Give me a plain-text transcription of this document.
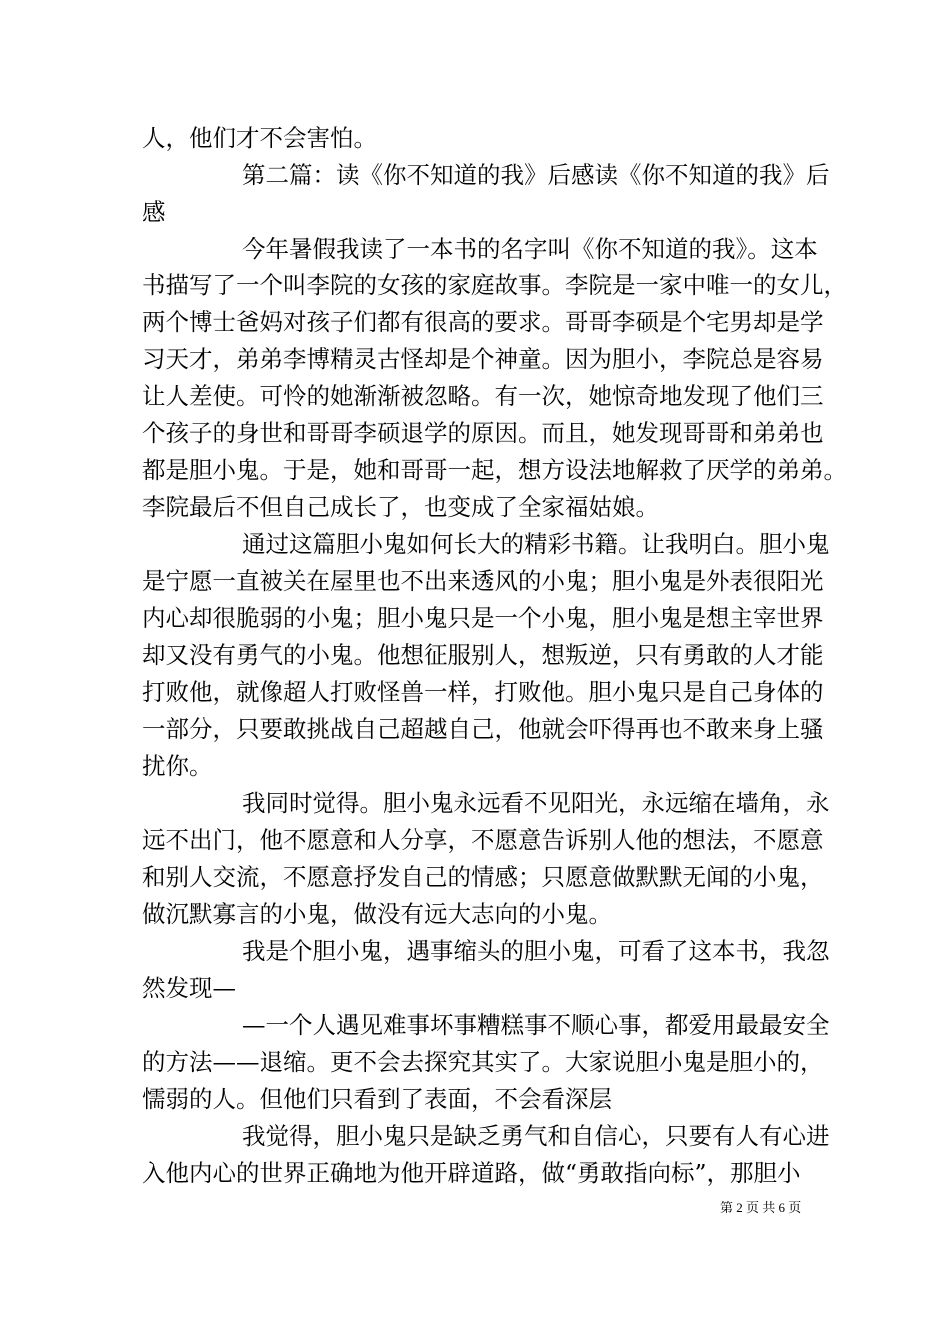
人，他们才不会害怕。
第二篇：读《你不知道的我》后感读《你不知道的我》后
感
今年暑假我读了一本书的名字叫《你不知道的我》。这本
书描写了一个叫李院的女孩的家庭故事。李院是一家中唯一的女儿，
两个博士爸妈对孩子们都有很高的要求。哥哥李硕是个宅男却是学
习天才，弟弟李博精灵古怪却是个神童。因为胆小，李院总是容易
让人差使。可怜的她渐渐被忽略。有一次，她惊奇地发现了他们三
个孩子的身世和哥哥李硕退学的原因。而且，她发现哥哥和弟弟也
都是胆小鬼。于是，她和哥哥一起，想方设法地解救了厌学的弟弟。
李院最后不但自己成长了，也变成了全家福姑娘。
通过这篇胆小鬼如何长大的精彩书籍。让我明白。胆小鬼
是宁愿一直被关在屋里也不出来透风的小鬼；胆小鬼是外表很阳光
内心却很脆弱的小鬼；胆小鬼只是一个小鬼，胆小鬼是想主宰世界
却又没有勇气的小鬼。他想征服别人，想叛逆，只有勇敢的人才能
打败他，就像超人打败怪兽一样，打败他。胆小鬼只是自己身体的
一部分，只要敢挑战自己超越自己，他就会吓得再也不敢来身上骚
扰你。
我同时觉得。胆小鬼永远看不见阳光，永远缩在墙角，永
远不出门，他不愿意和人分享，不愿意告诉别人他的想法，不愿意
和别人交流，不愿意抒发自己的情感；只愿意做默默无闻的小鬼，
做沉默寡言的小鬼，做没有远大志向的小鬼。
我是个胆小鬼，遇事缩头的胆小鬼，可看了这本书，我忽
然发现—
—一个人遇见难事坏事糟糕事不顺心事，都爱用最最安全
的方法——退缩。更不会去探究其实了。大家说胆小鬼是胆小的，
懦弱的人。但他们只看到了表面，不会看深层
我觉得，胆小鬼只是缺乏勇气和自信心，只要有人有心进
入他内心的世界正确地为他开辟道路，做“勇敢指向标”，那胆小
第 2 页 共 6 页
